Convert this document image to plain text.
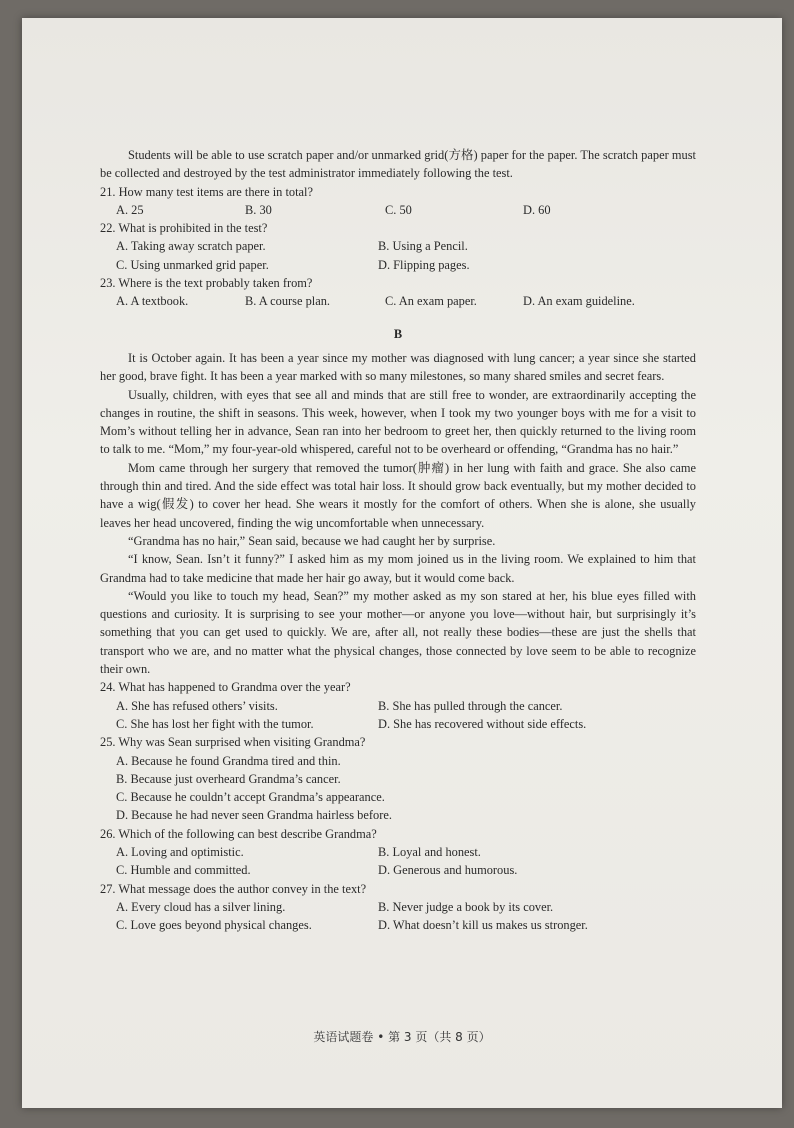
Students will be able to use scratch paper and/or unmarked grid(方格) paper for the paper. The scratch paper must be collected and destroyed by the test administrator immediately following the test.

21. How many test items are there in total?

A. 25	B. 30	C. 50	D. 60

22. What is prohibited in the test?

A. Taking away scratch paper.	B. Using a Pencil.
C. Using unmarked grid paper.	D. Flipping pages.

23. Where is the text probably taken from?

A. A textbook.	B. A course plan.	C. An exam paper.	D. An exam guideline.
B

It is October again. It has been a year since my mother was diagnosed with lung cancer; a year since she started her good, brave fight. It has been a year marked with so many milestones, so many shared smiles and secret fears.

Usually, children, with eyes that see all and minds that are still free to wonder, are extraordinarily accepting the changes in routine, the shift in seasons. This week, however, when I took my two younger boys with me for a visit to Mom’s without telling her in advance, Sean ran into her bedroom to greet her, then quickly returned to the living room to talk to me. “Mom,” my four-year-old whispered, careful not to be overheard or offending, “Grandma has no hair.”

Mom came through her surgery that removed the tumor(肿瘤) in her lung with faith and grace. She also came through thin and tired. And the side effect was total hair loss. It should grow back eventually, but my mother decided to have a wig(假发) to cover her head. She wears it mostly for the comfort of others. When she is alone, she usually leaves her head uncovered, finding the wig uncomfortable when unnecessary.

“Grandma has no hair,” Sean said, because we had caught her by surprise.

“I know, Sean. Isn’t it funny?” I asked him as my mom joined us in the living room. We explained to him that Grandma had to take medicine that made her hair go away, but it would come back.

“Would you like to touch my head, Sean?” my mother asked as my son stared at her, his blue eyes filled with questions and curiosity. It is surprising to see your mother—or anyone you love—without hair, but surprisingly it’s something that you can get used to quickly. We are, after all, not really these bodies—these are just the shells that transport who we are, and no matter what the physical changes, those connected by love seem to be able to recognize their own.

24. What has happened to Grandma over the year?

A. She has refused others’ visits.	B. She has pulled through the cancer.
C. She has lost her fight with the tumor.	D. She has recovered without side effects.

25. Why was Sean surprised when visiting Grandma?

A. Because he found Grandma tired and thin.

B. Because just overheard Grandma’s cancer.

C. Because he couldn’t accept Grandma’s appearance.

D. Because he had never seen Grandma hairless before.

26. Which of the following can best describe Grandma?

A. Loving and optimistic.	B. Loyal and honest.
C. Humble and committed.	D. Generous and humorous.

27. What message does the author convey in the text?

A. Every cloud has a silver lining.	B. Never judge a book by its cover.
C. Love goes beyond physical changes.	D. What doesn’t kill us makes us stronger.
英语试题卷 • 第 3 页（共 8 页）
